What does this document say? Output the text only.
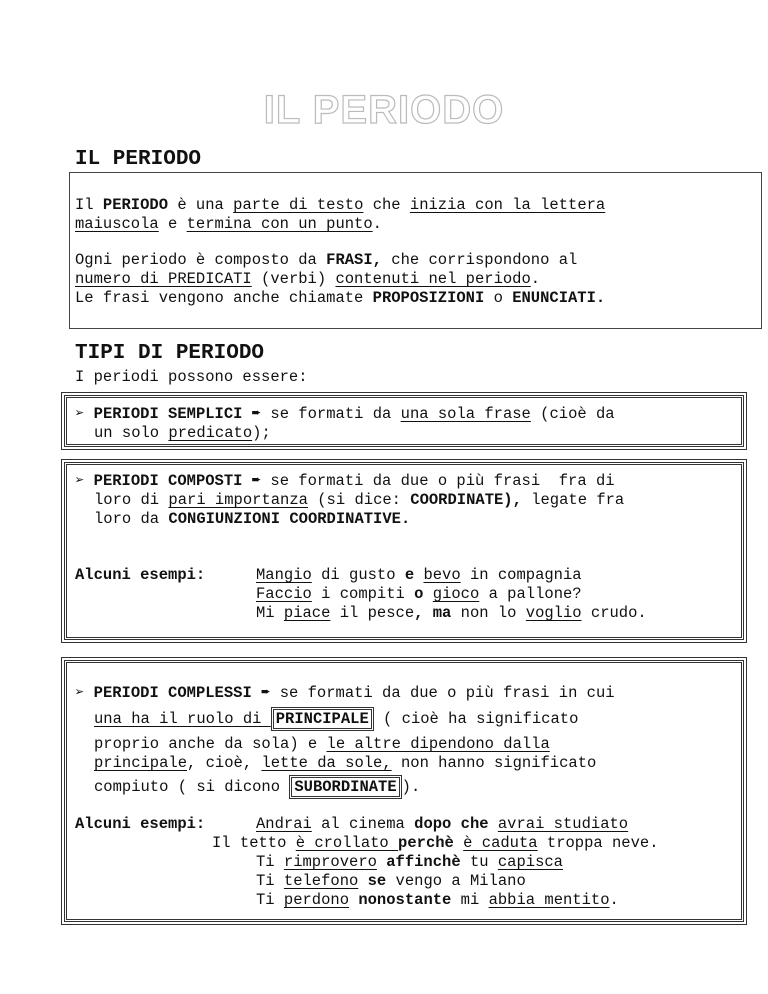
IL PERIODO
IL PERIODO
Il PERIODO è una parte di testo che inizia con la lettera
maiuscola e termina con un punto.
Ogni periodo è composto da FRASI, che corrispondono al
numero di PREDICATI (verbi) contenuti nel periodo.
Le frasi vengono anche chiamate PROPOSIZIONI o ENUNCIATI.
TIPI DI PERIODO
I periodi possono essere:
➢ PERIODI SEMPLICI ➨ se formati da una sola frase (cioè da
un solo predicato);
➢ PERIODI COMPOSTI ➨ se formati da due o più frasi  fra di
loro di pari importanza (si dice: COORDINATE), legate fra
loro da CONGIUNZIONI COORDINATIVE.
Alcuni esempi:	Mangio di gusto e bevo in compagnia
Faccio i compiti o gioco a pallone?
Mi piace il pesce, ma non lo voglio crudo.
➢ PERIODI COMPLESSI ➨ se formati da due o più frasi in cui
una ha il ruolo di PRINCIPALE ( cioè ha significato
proprio anche da sola) e le altre dipendono dalla
principale, cioè, lette da sole, non hanno significato
compiuto ( si dicono SUBORDINATE ).
Alcuni esempi:	Andrai al cinema dopo che avrai studiato
Il tetto è crollato perchè è caduta troppa neve.
Ti rimprovero affinchè tu capisca
Ti telefono se vengo a Milano
Ti perdono nonostante mi abbia mentito.
